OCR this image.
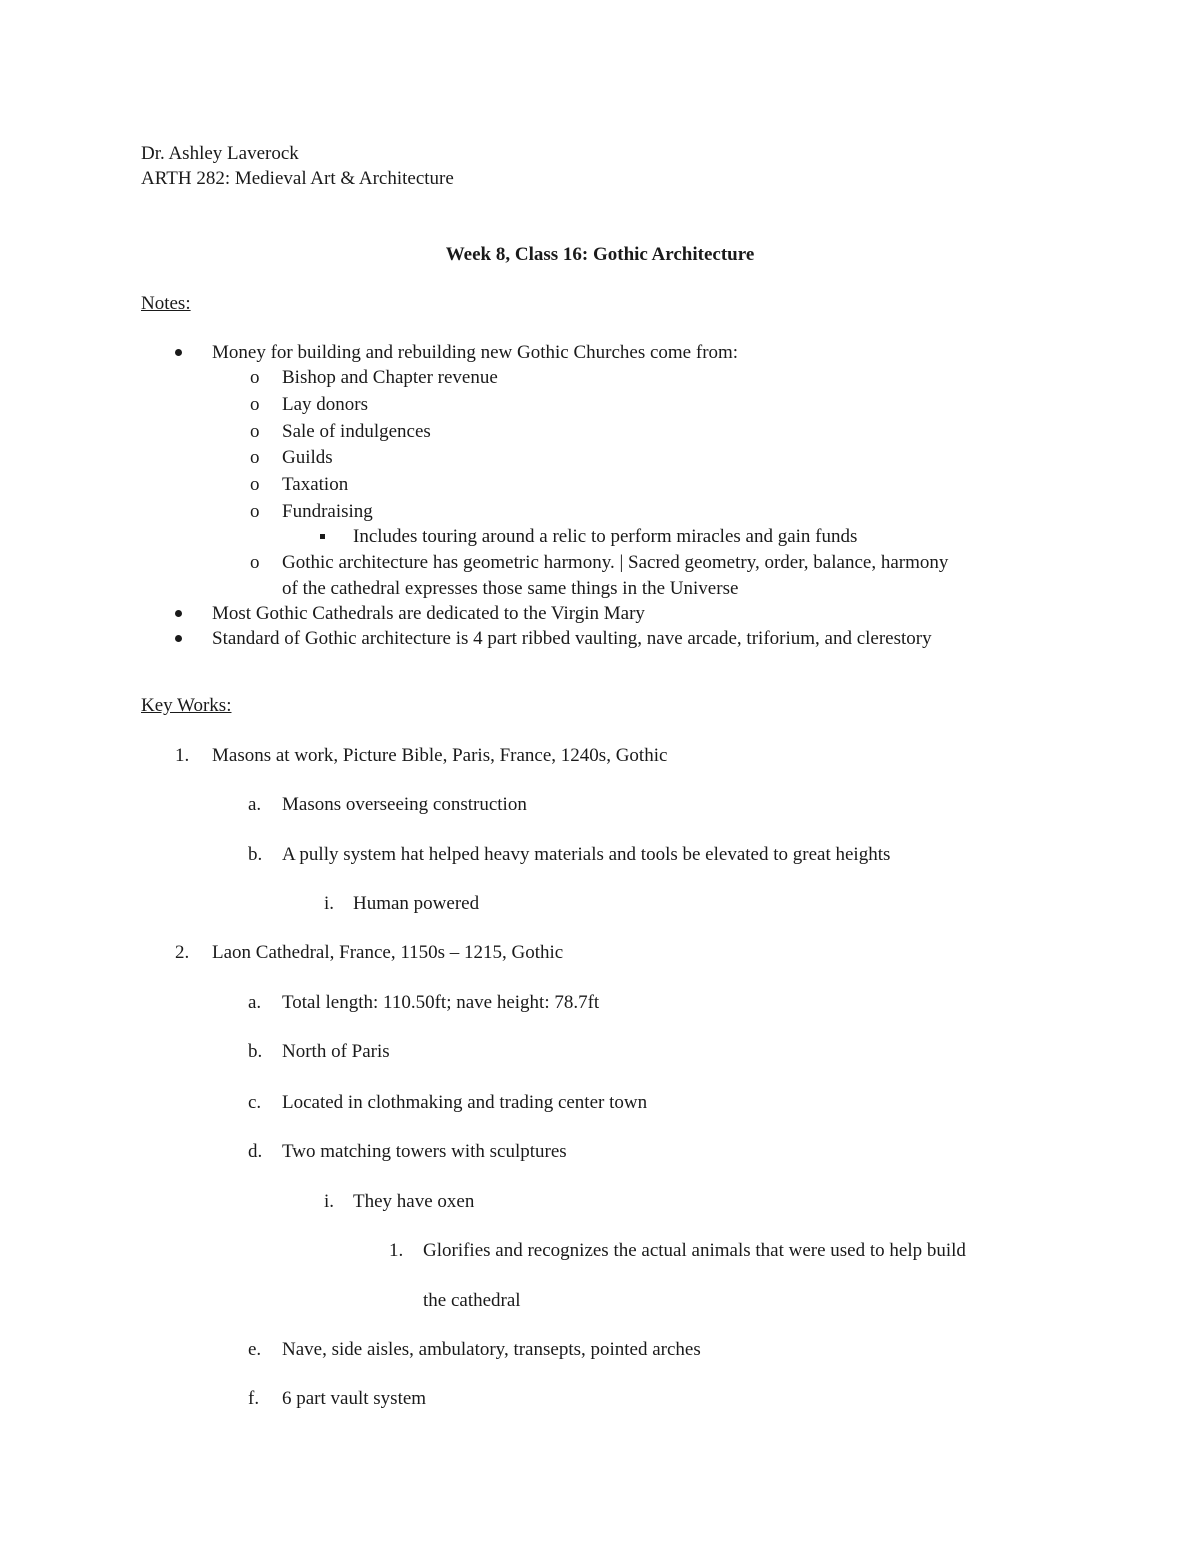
Dr. Ashley Laverock
ARTH 282: Medieval Art & Architecture
Week 8, Class 16: Gothic Architecture
Notes:
Money for building and rebuilding new Gothic Churches come from:
o Bishop and Chapter revenue
o Lay donors
o Sale of indulgences
o Guilds
o Taxation
o Fundraising
Includes touring around a relic to perform miracles and gain funds
o Gothic architecture has geometric harmony. | Sacred geometry, order, balance, harmony
of the cathedral expresses those same things in the Universe
Most Gothic Cathedrals are dedicated to the Virgin Mary
Standard of Gothic architecture is 4 part ribbed vaulting, nave arcade, triforium, and clerestory
Key Works:
1. Masons at work, Picture Bible, Paris, France, 1240s, Gothic
a. Masons overseeing construction
b. A pully system hat helped heavy materials and tools be elevated to great heights
i. Human powered
2. Laon Cathedral, France, 1150s – 1215, Gothic
a. Total length: 110.50ft; nave height: 78.7ft
b. North of Paris
c. Located in clothmaking and trading center town
d. Two matching towers with sculptures
i. They have oxen
1. Glorifies and recognizes the actual animals that were used to help build
the cathedral
e. Nave, side aisles, ambulatory, transepts, pointed arches
f. 6 part vault system
